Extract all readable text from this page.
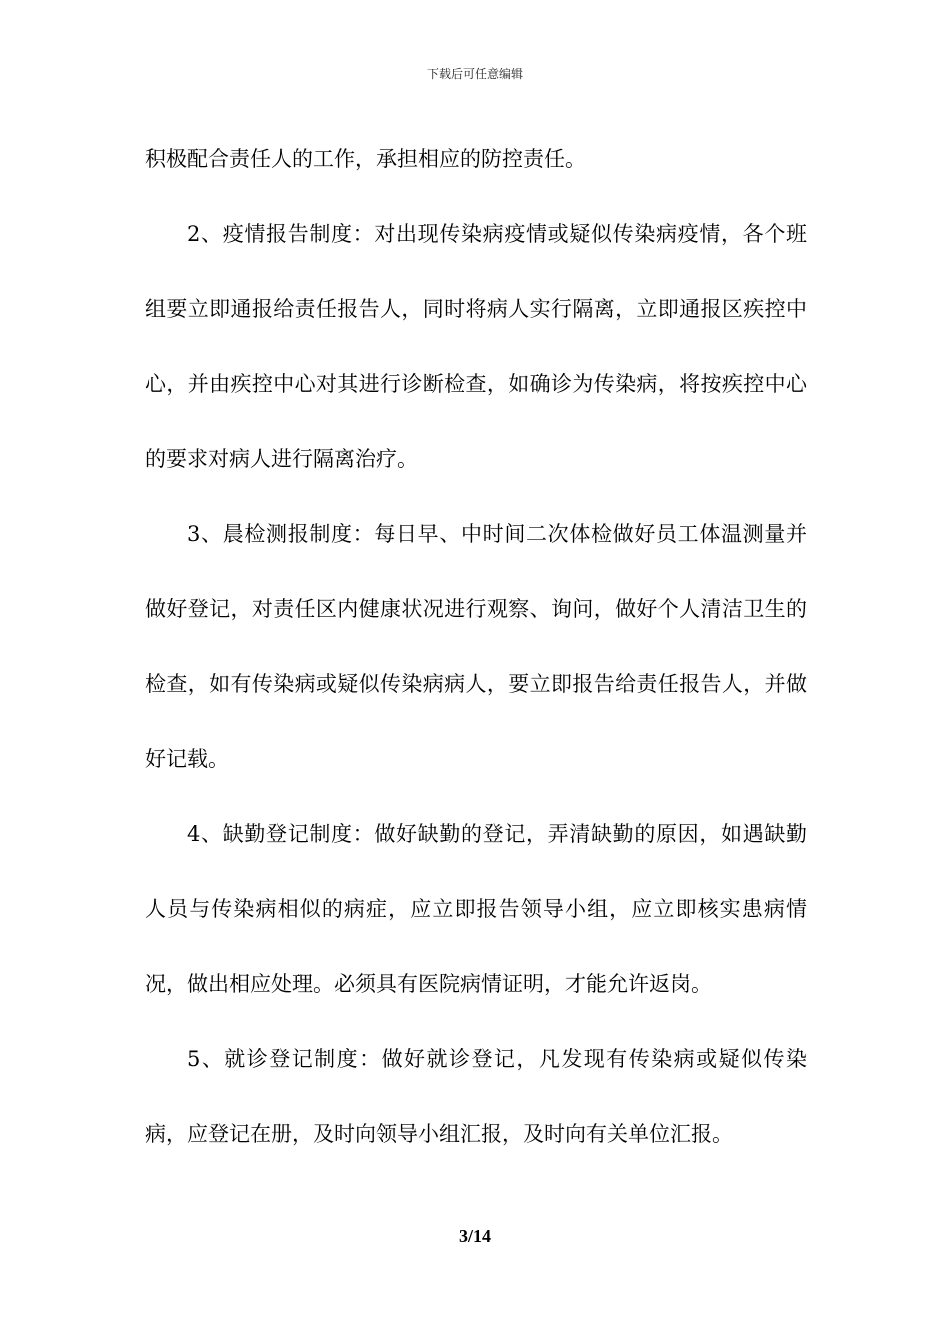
下载后可任意编辑

积极配合责任人的工作，承担相应的防控责任。

2、疫情报告制度：对出现传染病疫情或疑似传染病疫情，各个班组要立即通报给责任报告人，同时将病人实行隔离，立即通报区疾控中心，并由疾控中心对其进行诊断检查，如确诊为传染病，将按疾控中心的要求对病人进行隔离治疗。

3、晨检测报制度：每日早、中时间二次体检做好员工体温测量并做好登记，对责任区内健康状况进行观察、询问，做好个人清洁卫生的检查，如有传染病或疑似传染病病人，要立即报告给责任报告人，并做好记载。

4、缺勤登记制度：做好缺勤的登记，弄清缺勤的原因，如遇缺勤人员与传染病相似的病症，应立即报告领导小组，应立即核实患病情况，做出相应处理。必须具有医院病情证明，才能允许返岗。

5、就诊登记制度：做好就诊登记，凡发现有传染病或疑似传染病，应登记在册，及时向领导小组汇报，及时向有关单位汇报。

3/14
